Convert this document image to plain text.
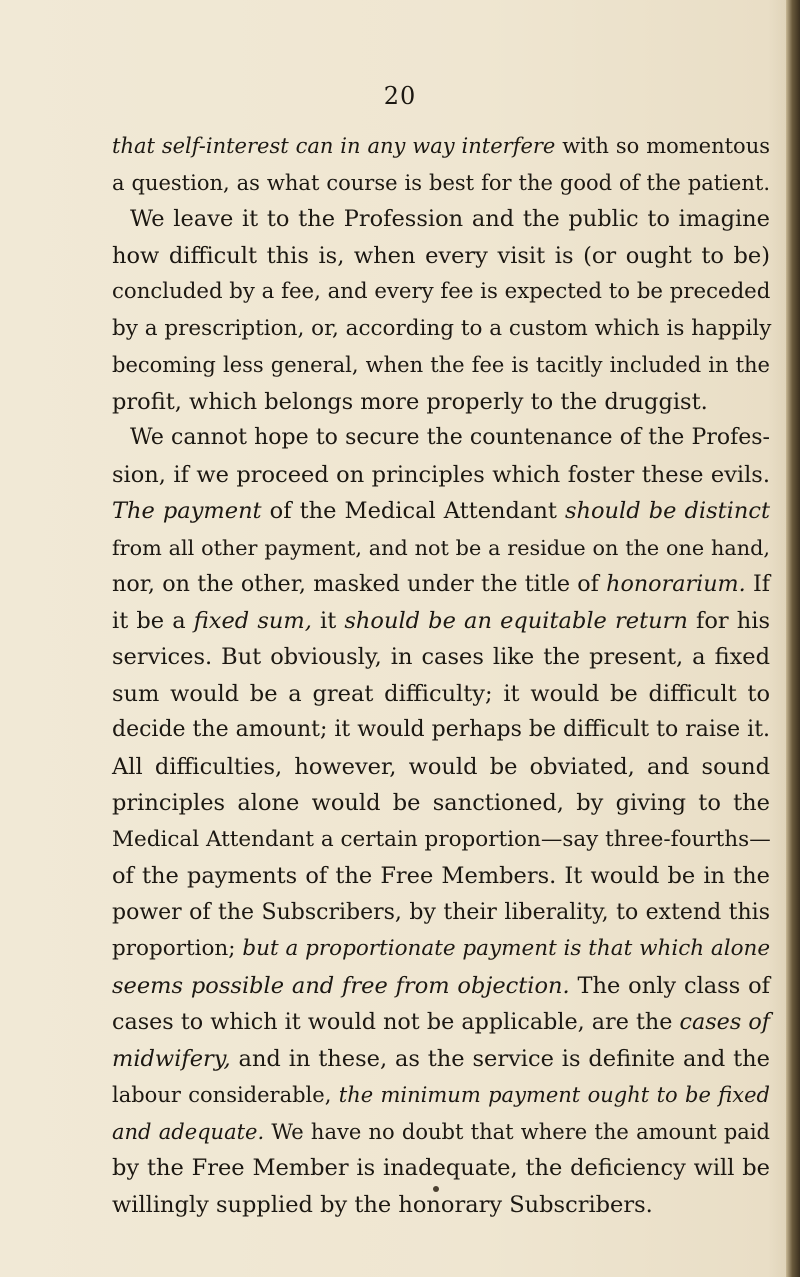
20
that self-interest can in any way interfere with so momentous
a question, as what course is best for the good of the patient.
We leave it to the Profession and the public to imagine
how difficult this is, when every visit is (or ought to be)
concluded by a fee, and every fee is expected to be preceded
by a prescription, or, according to a custom which is happily
becoming less general, when the fee is tacitly included in the
profit, which belongs more properly to the druggist.
We cannot hope to secure the countenance of the Profes-
sion, if we proceed on principles which foster these evils.
The payment of the Medical Attendant should be distinct
from all other payment, and not be a residue on the one hand,
nor, on the other, masked under the title of honorarium. If
it be a fixed sum, it should be an equitable return for his
services. But obviously, in cases like the present, a fixed
sum would be a great difficulty; it would be difficult to
decide the amount; it would perhaps be difficult to raise it.
All difficulties, however, would be obviated, and sound
principles alone would be sanctioned, by giving to the
Medical Attendant a certain proportion—say three-fourths—
of the payments of the Free Members. It would be in the
power of the Subscribers, by their liberality, to extend this
proportion; but a proportionate payment is that which alone
seems possible and free from objection. The only class of
cases to which it would not be applicable, are the cases of
midwifery, and in these, as the service is definite and the
labour considerable, the minimum payment ought to be fixed
and adequate. We have no doubt that where the amount paid
by the Free Member is inadequate, the deficiency will be
willingly supplied by the honorary Subscribers.
